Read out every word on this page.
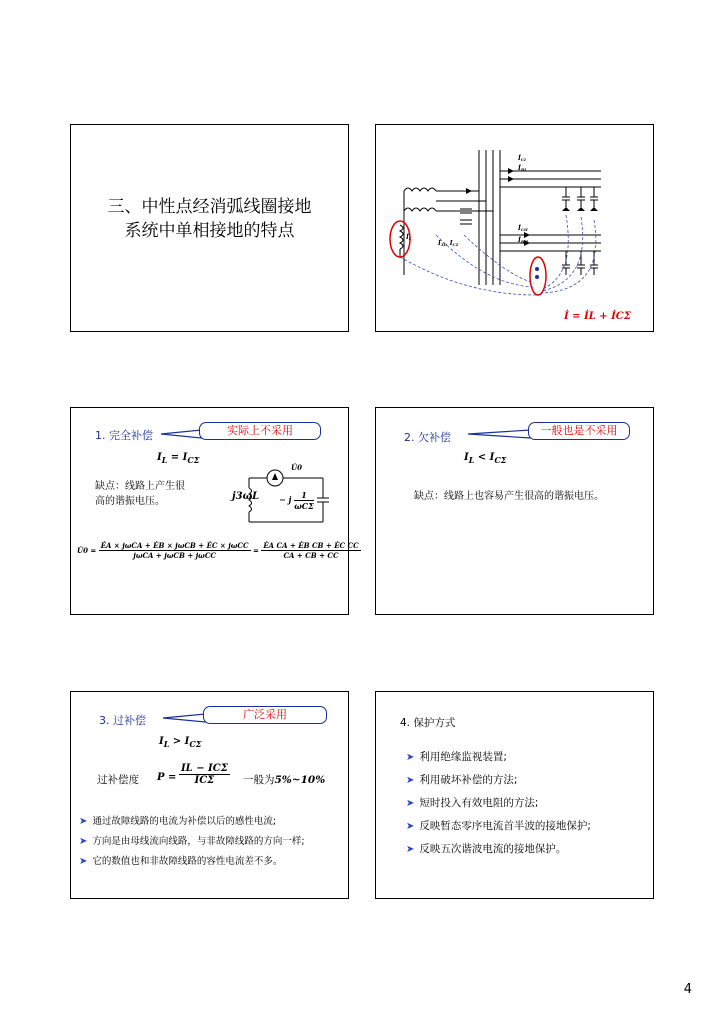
三、中性点经消弧线圈接地
系统中单相接地的特点
İCI
İBI
İCII
İBII
İL
IΣI, ICΣ
İ = İL + İCΣ
1. 完全补偿	实际上不采用
$I_L = I_{C\Sigma}$
缺点：线路上产生很
高的谐振电压。
U̇0
j3ωL − j	1
ωCΣ
U̇0 =
ĖA × jωCA + ĖB × jωCB + ĖC × jωCC
jωCA + jωCB + jωCC
= $\frac{\text{ĖA CA + ĖB CB + ĖC CC}}{CA + CB + CC}$
2. 欠补偿
一般也是不采用
$I_L < I_{C\Sigma}$
缺点：线路上也容易产生很高的谐振电压。
3. 过补偿	广泛采用
$I_L > I_{C\Sigma}$
过补偿度 P =
IL − ICΣ
ICΣ	一般为5%~10%
➤ 通过故障线路的电流为补偿以后的感性电流;
➤ 方向是由母线流向线路，与非故障线路的方向一样;
➤ 它的数值也和非故障线路的容性电流差不多。
4. 保护方式
➤ 利用绝缘监视装置;
➤ 利用破坏补偿的方法;
➤ 短时投入有效电阻的方法;
➤ 反映暂态零序电流首半波的接地保护;
➤ 反映五次谐波电流的接地保护。
4
